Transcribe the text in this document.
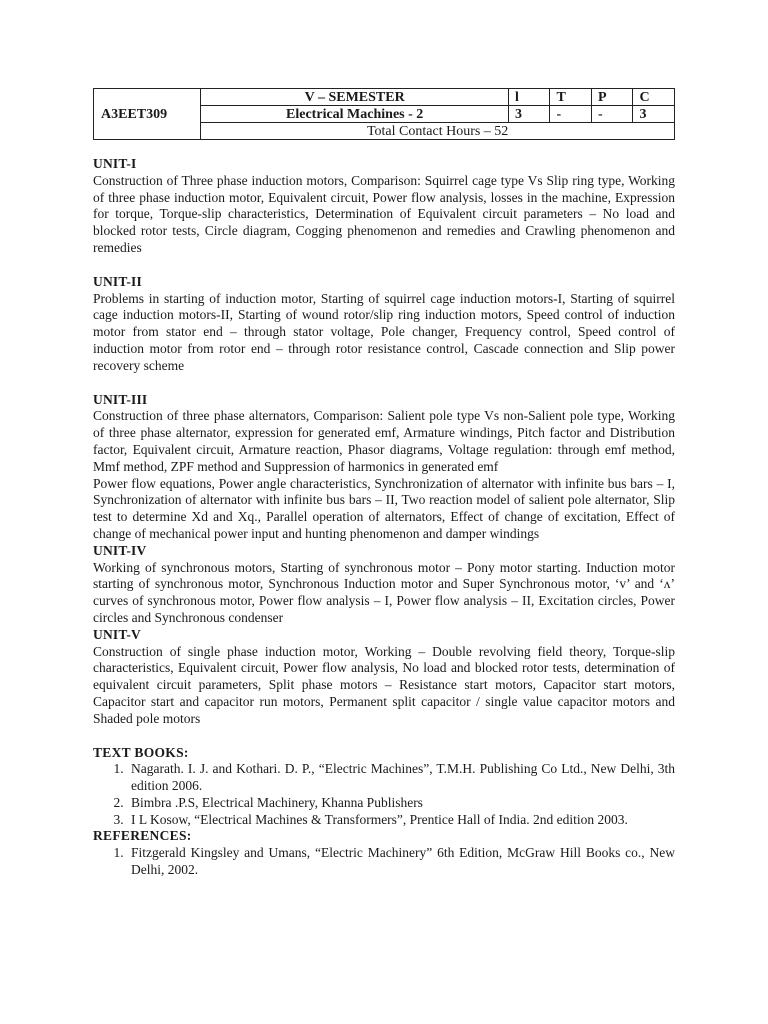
A3EET309	V – SEMESTER	l	T	P	C
	Electrical Machines - 2	3	-	-	3
	Total Contact Hours – 52				

UNIT-I

Construction of Three phase induction motors, Comparison: Squirrel cage type Vs Slip ring type, Working of three phase induction motor, Equivalent circuit, Power flow analysis, losses in the machine, Expression for torque, Torque-slip characteristics, Determination of Equivalent circuit parameters – No load and blocked rotor tests, Circle diagram, Cogging phenomenon and remedies and Crawling phenomenon and remedies

UNIT-II

Problems in starting of induction motor, Starting of squirrel cage induction motors-I, Starting of squirrel cage induction motors-II, Starting of wound rotor/slip ring induction motors, Speed control of induction motor from stator end – through stator voltage, Pole changer, Frequency control, Speed control of induction motor from rotor end – through rotor resistance control, Cascade connection and Slip power recovery scheme

UNIT-III

Construction of three phase alternators, Comparison: Salient pole type Vs non-Salient pole type, Working of three phase alternator, expression for generated emf, Armature windings, Pitch factor and Distribution factor, Equivalent circuit, Armature reaction, Phasor diagrams, Voltage regulation: through emf method, Mmf method, ZPF method and Suppression of harmonics in generated emf

Power flow equations, Power angle characteristics, Synchronization of alternator with infinite bus bars – I, Synchronization of alternator with infinite bus bars – II, Two reaction model of salient pole alternator, Slip test to determine Xd and Xq., Parallel operation of alternators, Effect of change of excitation, Effect of change of mechanical power input and hunting phenomenon and damper windings

UNIT-IV

Working of synchronous motors, Starting of synchronous motor – Pony motor starting. Induction motor starting of synchronous motor, Synchronous Induction motor and Super Synchronous motor, ‘v’ and ‘ʌ’ curves of synchronous motor, Power flow analysis – I, Power flow analysis – II, Excitation circles, Power circles and Synchronous condenser

UNIT-V

Construction of single phase induction motor, Working – Double revolving field theory, Torque-slip characteristics, Equivalent circuit, Power flow analysis, No load and blocked rotor tests, determination of equivalent circuit parameters, Split phase motors – Resistance start motors, Capacitor start motors, Capacitor start and capacitor run motors, Permanent split capacitor / single value capacitor motors and Shaded pole motors

TEXT BOOKS:

1. Nagarath. I. J. and Kothari. D. P., “Electric Machines”, T.M.H. Publishing Co Ltd., New Delhi, 3th edition 2006.
2. Bimbra .P.S, Electrical Machinery, Khanna Publishers
3. I L Kosow, “Electrical Machines & Transformers”, Prentice Hall of India. 2nd edition 2003.

REFERENCES:

1. Fitzgerald Kingsley and Umans, “Electric Machinery” 6th Edition, McGraw Hill Books co., New Delhi, 2002.
